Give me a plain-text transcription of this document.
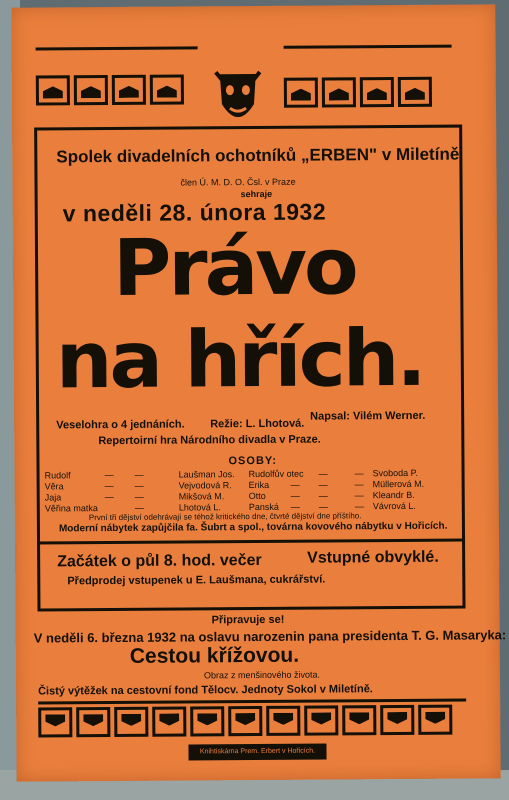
Spolek divadelních ochotníků „ERBEN" v Miletíně
člen Ú. M. D. O. Čsl. v Praze
sehraje
v neděli 28. února 1932
Právo
na hřích.
Veselohra o 4 jednáních. Režie: L. Lhotová.
Napsal: Vilém Werner.
Repertoirní hra Národního divadla v Praze.
OSOBY:
Rudolf	— —	Laušman Jos.
Věra	— —	Vejvodová R.
Jaja	— —	Mikšová M.
Věřina matka	—	Lhotová L.
Rudolfův otec —	— Svoboda P.
Erika — —	— Müllerová M.
Otto	— —	— Kleandr B.
Panská — —	— Vávrová L.
První tři dějství odehrávají se téhož kritického dne, čtvrté dějství dne příštího.
Moderní nábytek zapůjčila fa. Šubrt a spol., továrna kovového nábytku v Hořicích.
Začátek o půl 8. hod. večer	Vstupné obvyklé.
Předprodej vstupenek u E. Laušmana, cukrářství.
Připravuje se!
V neděli 6. března 1932 na oslavu narozenin pana presidenta T. G. Masaryka:
Cestou křížovou.
Obraz z menšinového života.
Čistý výtěžek na cestovní fond Tělocv. Jednoty Sokol v Miletíně.
Knihtiskárna Prem. Erbert v Hořicích.
